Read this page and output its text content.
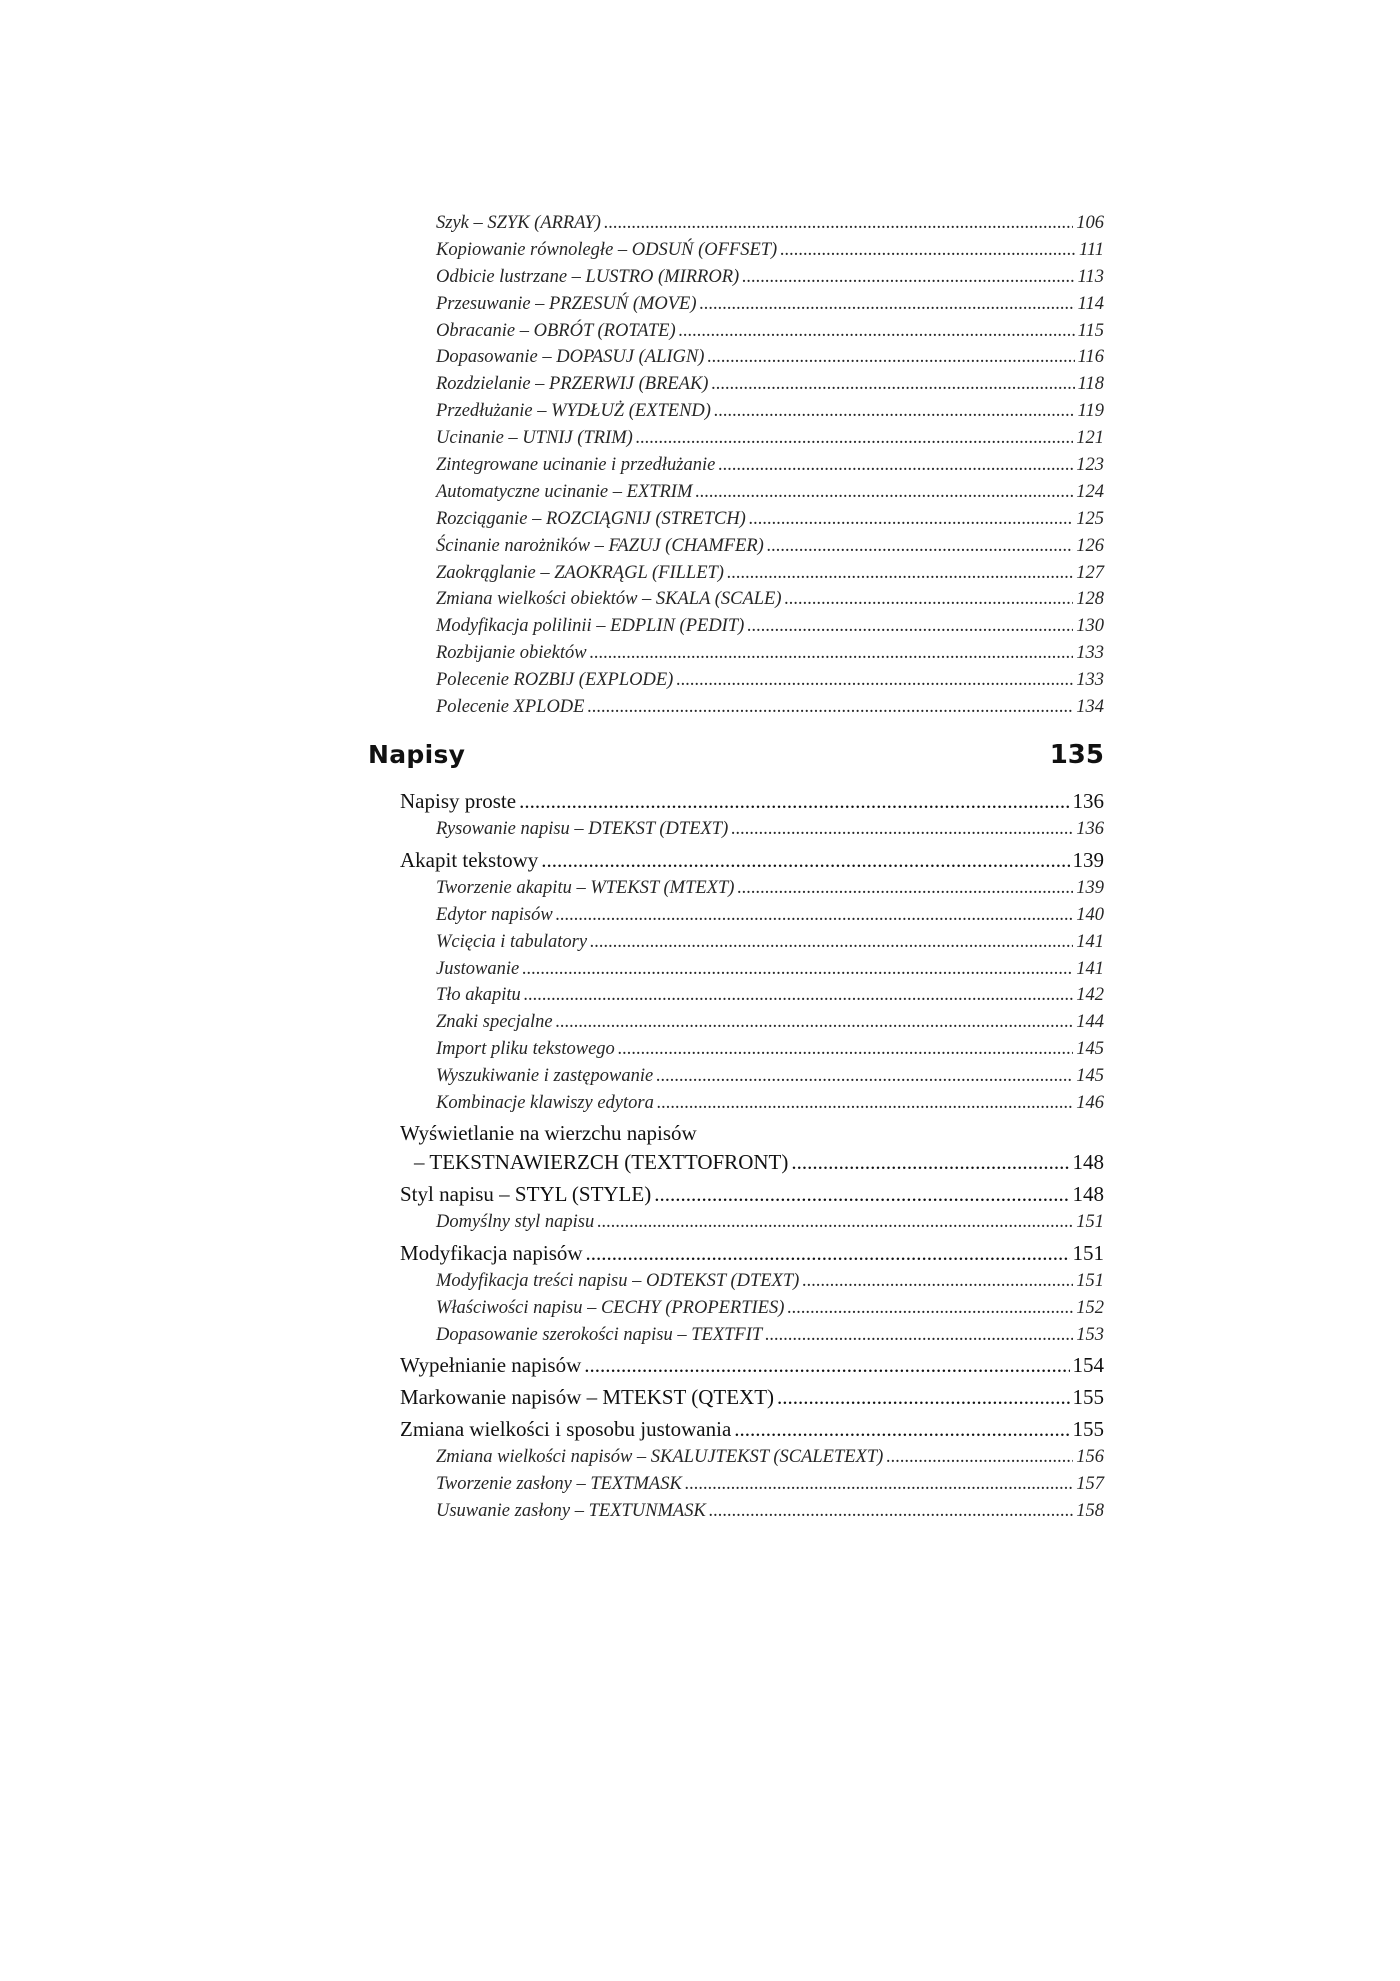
Szyk – SZYK (ARRAY) .....	106
Kopiowanie równoległe – ODSUŃ (OFFSET) .....	111
Odbicie lustrzane – LUSTRO (MIRROR) .....	113
Przesuwanie – PRZESUŃ (MOVE) .....	114
Obracanie – OBRÓT (ROTATE) .....	115
Dopasowanie – DOPASUJ (ALIGN) .....	116
Rozdzielanie – PRZERWIJ (BREAK) .....	118
Przedłużanie – WYDŁUŻ (EXTEND) .....	119
Ucinanie – UTNIJ (TRIM) .....	121
Zintegrowane ucinanie i przedłużanie .....	123
Automatyczne ucinanie – EXTRIM .....	124
Rozciąganie – ROZCIĄGNIJ (STRETCH) .....	125
Ścinanie narożników – FAZUJ (CHAMFER) .....	126
Zaokrąglanie – ZAOKRĄGL (FILLET) .....	127
Zmiana wielkości obiektów – SKALA (SCALE) .....	128
Modyfikacja polilinii – EDPLIN (PEDIT) .....	130
Rozbijanie obiektów .....	133
Polecenie ROZBIJ (EXPLODE) .....	133
Polecenie XPLODE .....	134
Napisy	135
Napisy proste .....	136
Rysowanie napisu – DTEKST (DTEXT) .....	136
Akapit tekstowy .....	139
Tworzenie akapitu – WTEKST (MTEXT) .....	139
Edytor napisów .....	140
Wcięcia i tabulatory .....	141
Justowanie .....	141
Tło akapitu .....	142
Znaki specjalne .....	144
Import pliku tekstowego .....	145
Wyszukiwanie i zastępowanie .....	145
Kombinacje klawiszy edytora .....	146
Wyświetlanie na wierzchu napisów
– TEKSTNAWIERZCH (TEXTTOFRONT) .....	148
Styl napisu – STYL (STYLE) .....	148
Domyślny styl napisu .....	151
Modyfikacja napisów .....	151
Modyfikacja treści napisu – ODTEKST (DTEXT) .....	151
Właściwości napisu – CECHY (PROPERTIES) .....	152
Dopasowanie szerokości napisu – TEXTFIT .....	153
Wypełnianie napisów .....	154
Markowanie napisów – MTEKST (QTEXT) .....	155
Zmiana wielkości i sposobu justowania .....	155
Zmiana wielkości napisów – SKALUJTEKST (SCALETEXT) .....	156
Tworzenie zasłony – TEXTMASK .....	157
Usuwanie zasłony – TEXTUNMASK .....	158
